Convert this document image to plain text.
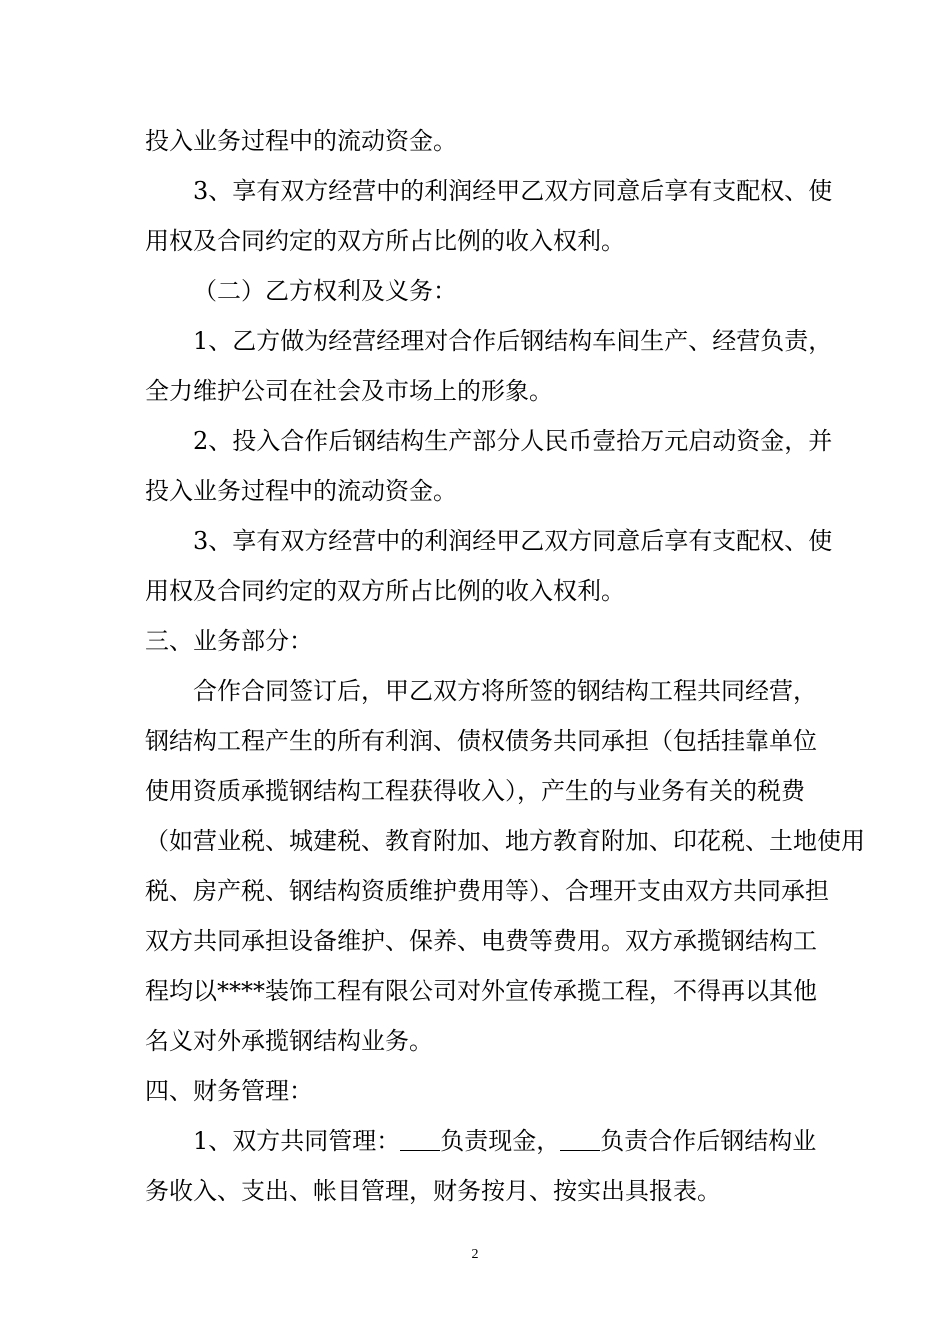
投入业务过程中的流动资金。
3、享有双方经营中的利润经甲乙双方同意后享有支配权、使
用权及合同约定的双方所占比例的收入权利。
（二）乙方权利及义务：
1、乙方做为经营经理对合作后钢结构车间生产、经营负责，
全力维护公司在社会及市场上的形象。
2、投入合作后钢结构生产部分人民币壹拾万元启动资金，并
投入业务过程中的流动资金。
3、享有双方经营中的利润经甲乙双方同意后享有支配权、使
用权及合同约定的双方所占比例的收入权利。
三、业务部分：
合作合同签订后，甲乙双方将所签的钢结构工程共同经营，
钢结构工程产生的所有利润、债权债务共同承担（包括挂靠单位
使用资质承揽钢结构工程获得收入），产生的与业务有关的税费
（如营业税、城建税、教育附加、地方教育附加、印花税、土地使用
税、房产税、钢结构资质维护费用等）、合理开支由双方共同承担
双方共同承担设备维护、保养、电费等费用。双方承揽钢结构工
程均以****装饰工程有限公司对外宣传承揽工程，不得再以其他
名义对外承揽钢结构业务。
四、财务管理：
1、双方共同管理： 负责现金， 负责合作后钢结构业
务收入、支出、帐目管理，财务按月、按实出具报表。
2
